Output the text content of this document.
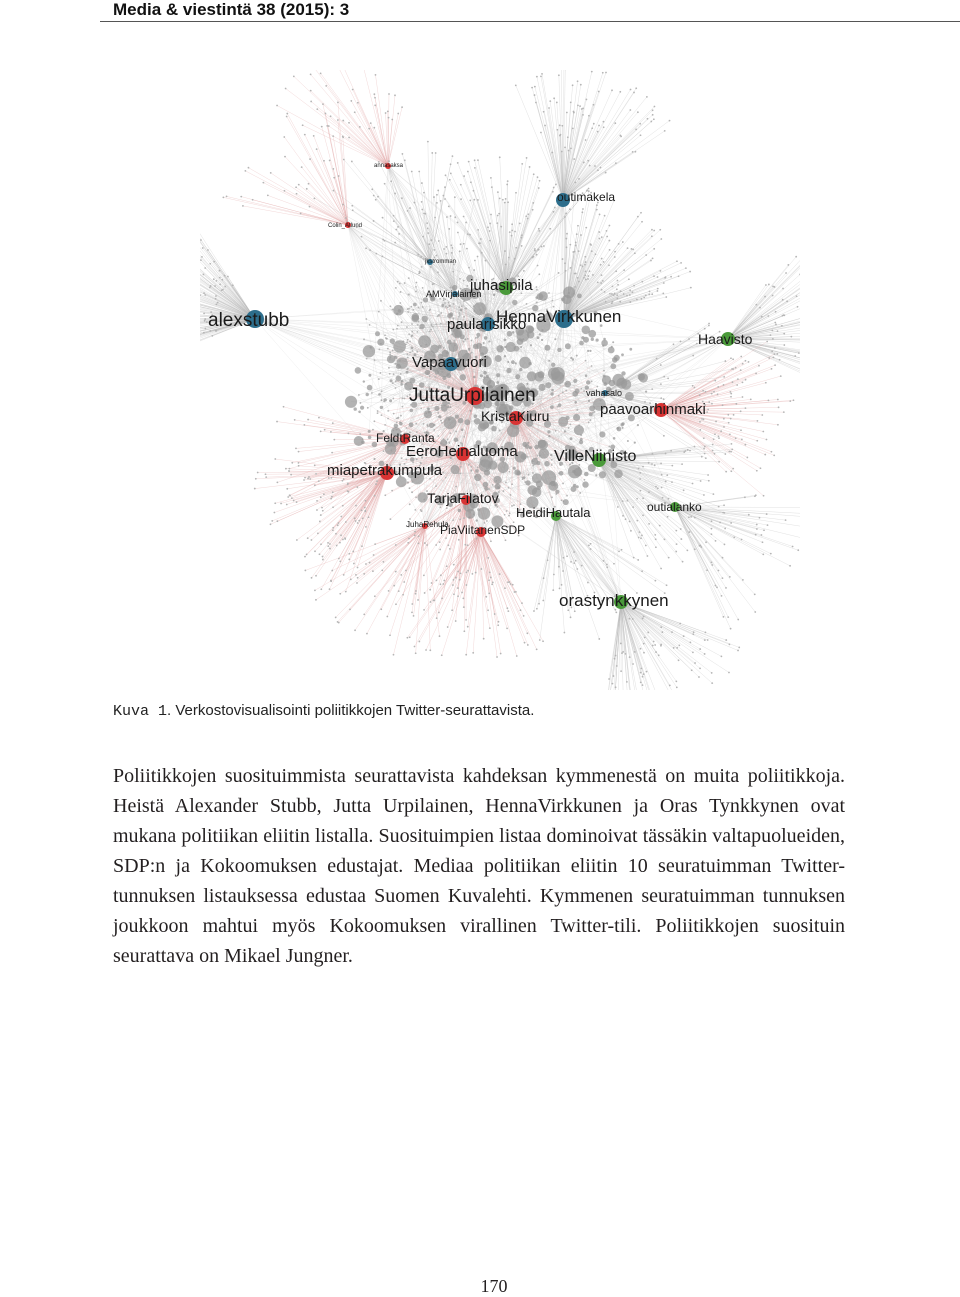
Media & viestintä 38 (2015): 3
alexstubb
outimakela
juhasipila
AMVirjalainen
paularisikko
HennaVirkkunen
Haavisto
Vapaavuori
JuttaUrpilainen	vahasalo
paavoarhinmaki
KristaKiuru
FeldtRanta
EeroHeinaluoma VilleNiinisto
miapetrakumpula
TarjaFilatov
HeidiHautala	outialanko
JuhaRehula
PiaViitanenSDP
orastynkkynen
annasaksa
Colin_Atlund
jkstromman
Kuva 1. Verkostovisualisointi poliitikkojen Twitter-seurattavista.

Poliitikkojen suosituimmista seurattavista kahdeksan kymmenestä on muita poliitikkoja. Heistä Alexander Stubb, Jutta Urpilainen, HennaVirkkunen ja Oras Tynkkynen ovat mukana politiikan eliitin listalla. Suosituimpien listaa dominoivat tässäkin valtapuolueiden, SDP:n ja Kokoomuksen edustajat. Mediaa politiikan eliitin 10 seuratuimman Twitter-tunnuksen listauksessa edustaa Suomen Kuvalehti. Kymmenen seuratuimman tunnuksen joukkoon mahtui myös Kokoomuksen virallinen Twitter-tili. Poliitikkojen suosituin seurattava on Mikael Jungner.

170
